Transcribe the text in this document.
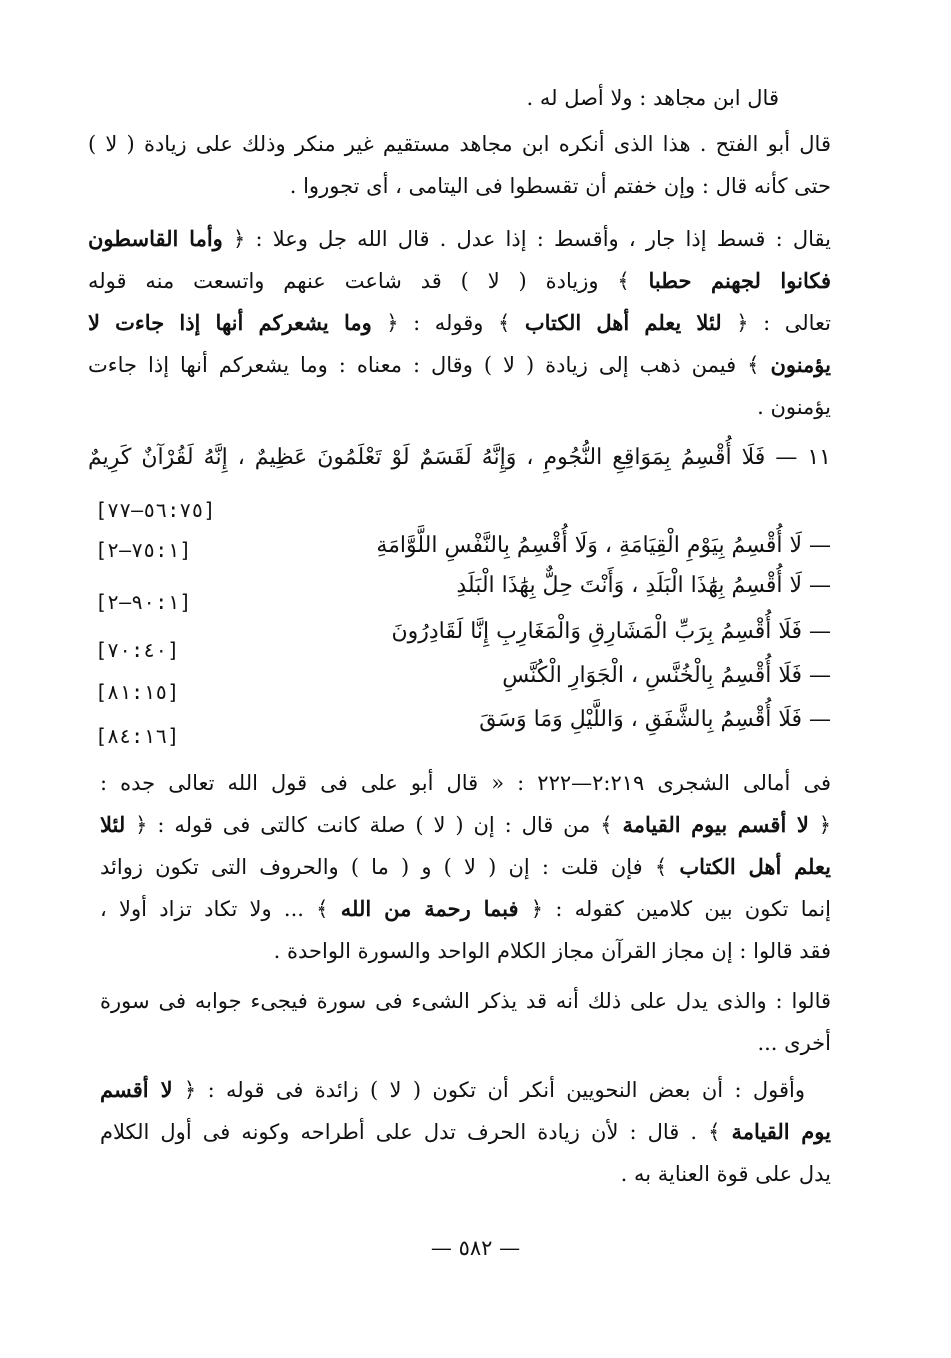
قال ابن مجاهد : ولا أصل له .
قال أبو الفتح . هذا الذى أنكره ابن مجاهد مستقيم غير منكر وذلك على زيادة ( لا )
حتى كأنه قال : وإن خفتم أن تقسطوا فى اليتامى ، أى تجوروا .
يقال : قسط إذا جار ، وأقسط : إذا عدل . قال الله جل وعلا : ﴿ وأما القاسطون
فكانوا لجهنم حطبا ﴾ وزيادة ( لا ) قد شاعت عنهم واتسعت منه قوله
تعالى : ﴿ لئلا يعلم أهل الكتاب ﴾ وقوله : ﴿ وما يشعركم أنها إذا جاءت لا
يؤمنون ﴾ فيمن ذهب إلى زيادة ( لا ) وقال : معناه : وما يشعركم أنها إذا جاءت
يؤمنون .
١١ — فَلَا أُقْسِمُ بِمَوَاقِعِ النُّجُومِ ، وَإِنَّهُ لَقَسَمٌ لَوْ تَعْلَمُونَ عَظِيمٌ ، إِنَّهُ لَقُرْآنٌ كَرِيمٌ
[٥٦:٧٥—٧٧]
— لَا أُقْسِمُ بِيَوْمِ الْقِيَامَةِ ، وَلَا أُقْسِمُ بِالنَّفْسِ اللَّوَّامَةِ
[٧٥:١—٢]
— لَا أُقْسِمُ بِهَٰذَا الْبَلَدِ ، وَأَنْتَ حِلٌّ بِهَٰذَا الْبَلَدِ
[٩٠:١—٢]
— فَلَا أُقْسِمُ بِرَبِّ الْمَشَارِقِ وَالْمَغَارِبِ إِنَّا لَقَادِرُونَ
[٧٠:٤٠]
— فَلَا أُقْسِمُ بِالْخُنَّسِ ، الْجَوَارِ الْكُنَّسِ
[٨١:١٥]
— فَلَا أُقْسِمُ بِالشَّفَقِ ، وَاللَّيْلِ وَمَا وَسَقَ
[٨٤:١٦]
فى أمالى الشجرى ٢:٢١٩—٢٢٢ : « قال أبو على فى قول الله تعالى جده :
﴿ لا أقسم بيوم القيامة ﴾ من قال : إن ( لا ) صلة كانت كالتى فى قوله : ﴿ لئلا
يعلم أهل الكتاب ﴾ فإن قلت : إن ( لا ) و ( ما ) والحروف التى تكون زوائد
إنما تكون بين كلامين كقوله : ﴿ فبما رحمة من الله ﴾ ... ولا تكاد تزاد أولا ،
فقد قالوا : إن مجاز القرآن مجاز الكلام الواحد والسورة الواحدة .
قالوا : والذى يدل على ذلك أنه قد يذكر الشىء فى سورة فيجىء جوابه فى سورة
أخرى ...
وأقول : أن بعض النحويين أنكر أن تكون ( لا ) زائدة فى قوله : ﴿ لا أقسم
يوم القيامة ﴾ . قال : لأن زيادة الحرف تدل على أطراحه وكونه فى أول الكلام
يدل على قوة العناية به .
— ٥٨٢ —
